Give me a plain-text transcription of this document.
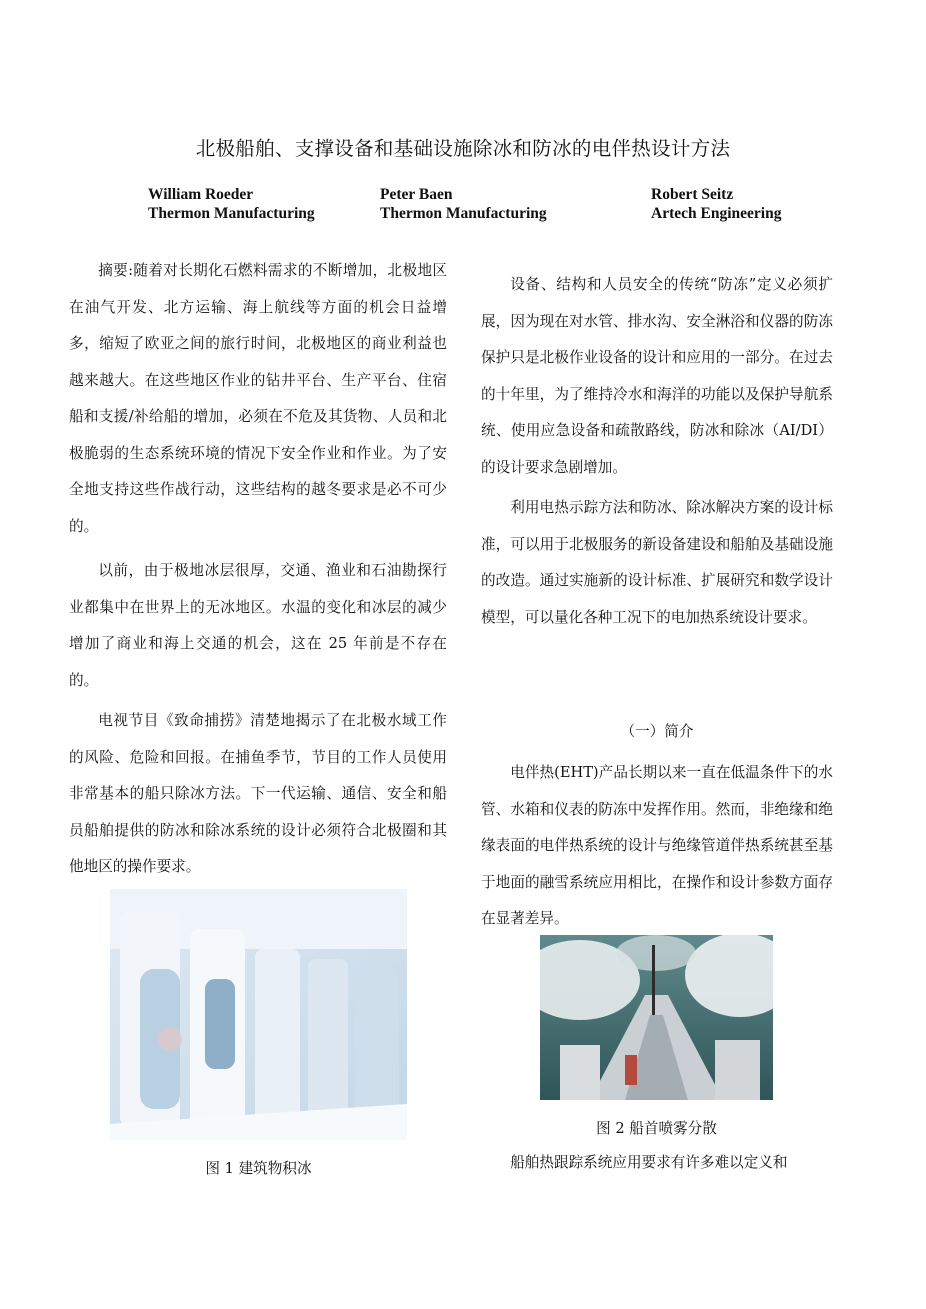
北极船舶、支撑设备和基础设施除冰和防冰的电伴热设计方法
William Roeder
Thermon Manufacturing
Peter Baen
Thermon Manufacturing
Robert Seitz
Artech Engineering

摘要:随着对长期化石燃料需求的不断增加，北极地区在油气开发、北方运输、海上航线等方面的机会日益增多，缩短了欧亚之间的旅行时间，北极地区的商业利益也越来越大。在这些地区作业的钻井平台、生产平台、住宿船和支援/补给船的增加，必须在不危及其货物、人员和北极脆弱的生态系统环境的情况下安全作业和作业。为了安全地支持这些作战行动，这些结构的越冬要求是必不可少的。

以前，由于极地冰层很厚，交通、渔业和石油勘探行业都集中在世界上的无冰地区。水温的变化和冰层的减少增加了商业和海上交通的机会，这在 25 年前是不存在的。

电视节目《致命捕捞》清楚地揭示了在北极水域工作的风险、危险和回报。在捕鱼季节，节目的工作人员使用非常基本的船只除冰方法。下一代运输、通信、安全和船员船舶提供的防冰和除冰系统的设计必须符合北极圈和其他地区的操作要求。

图 1 建筑物积冰

设备、结构和人员安全的传统“防冻”定义必须扩展，因为现在对水管、排水沟、安全淋浴和仪器的防冻保护只是北极作业设备的设计和应用的一部分。在过去的十年里，为了维持冷水和海洋的功能以及保护导航系统、使用应急设备和疏散路线，防冰和除冰（AI/DI）的设计要求急剧增加。

利用电热示踪方法和防冰、除冰解决方案的设计标准，可以用于北极服务的新设备建设和船舶及基础设施的改造。通过实施新的设计标准、扩展研究和数学设计模型，可以量化各种工况下的电加热系统设计要求。

（一）简介

电伴热(EHT)产品长期以来一直在低温条件下的水管、水箱和仪表的防冻中发挥作用。然而，非绝缘和绝缘表面的电伴热系统的设计与绝缘管道伴热系统甚至基于地面的融雪系统应用相比，在操作和设计参数方面存在显著差异。

图 2 船首喷雾分散

船舶热跟踪系统应用要求有许多难以定义和
